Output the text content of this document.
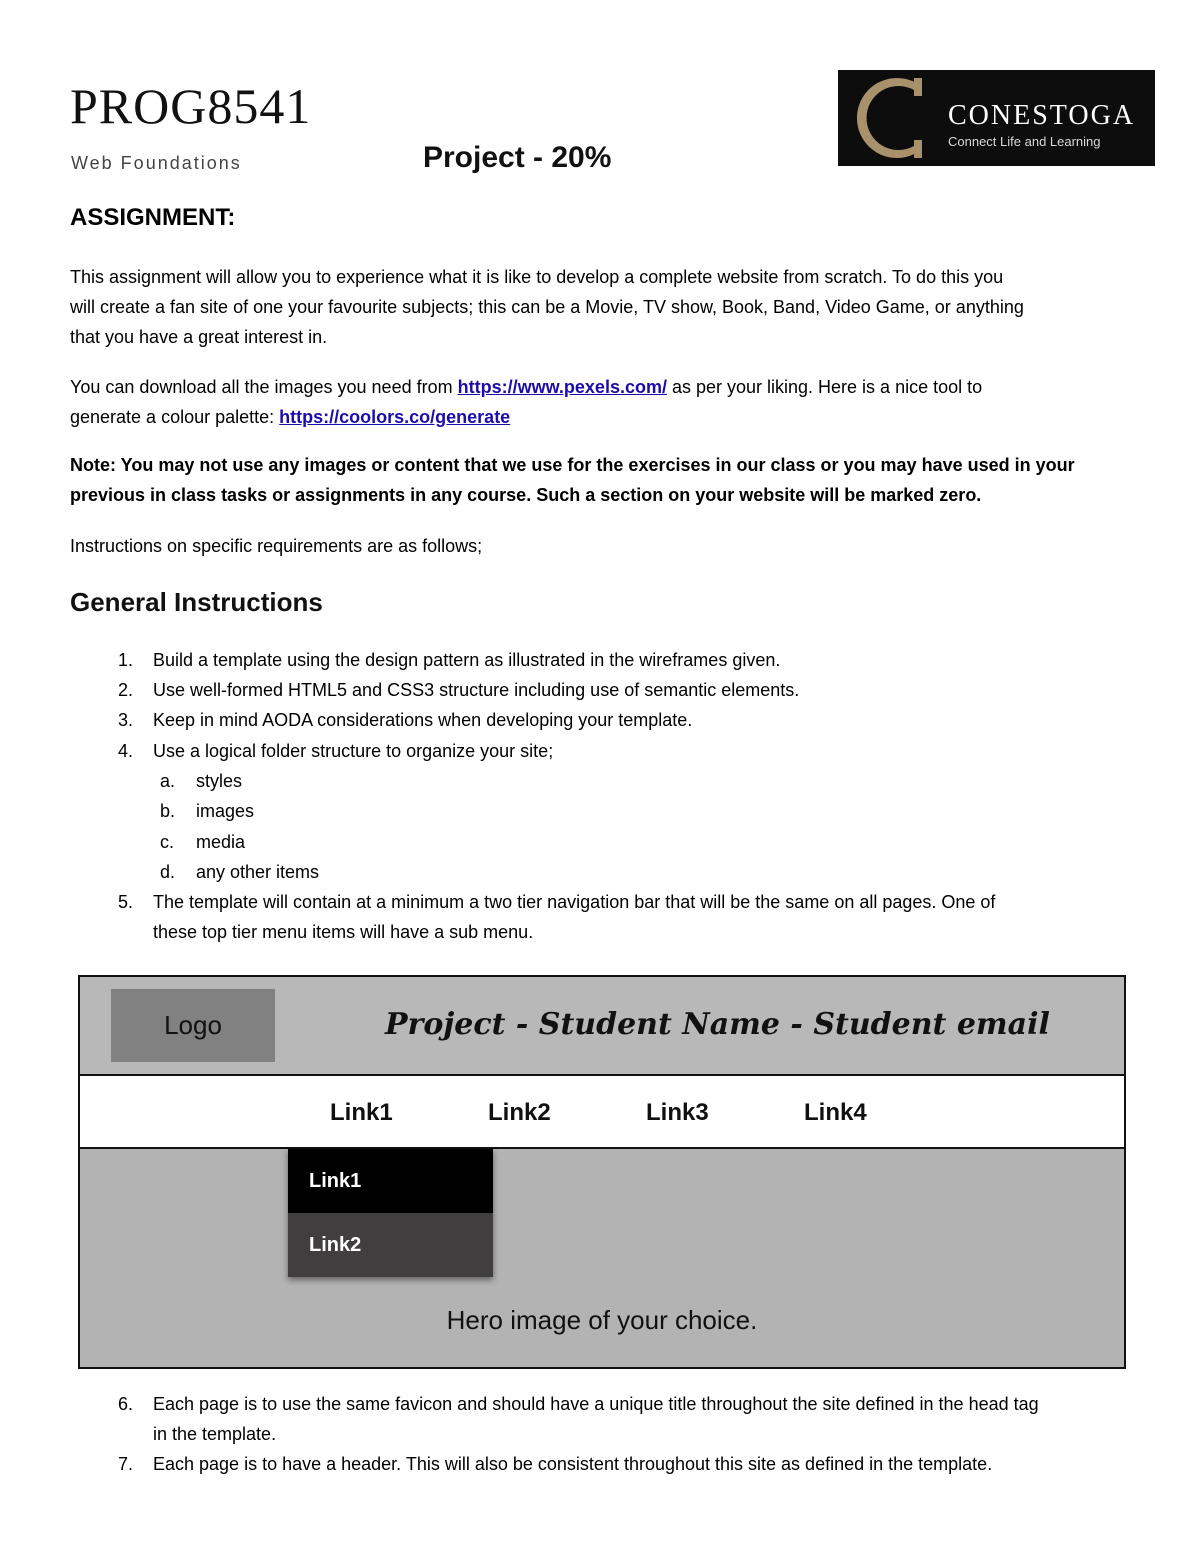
PROG8541
Web Foundations	Project - 20%
CONESTOGA
Connect Life and Learning
ASSIGNMENT:

This assignment will allow you to experience what it is like to develop a complete website from scratch. To do this you
will create a fan site of one your favourite subjects; this can be a Movie, TV show, Book, Band, Video Game, or anything
that you have a great interest in.

You can download all the images you need from https://www.pexels.com/ as per your liking. Here is a nice tool to
generate a colour palette: https://coolors.co/generate

Note: You may not use any images or content that we use for the exercises in our class or you may have used in your
previous in class tasks or assignments in any course. Such a section on your website will be marked zero.

Instructions on specific requirements are as follows;

General Instructions
1.	Build a template using the design pattern as illustrated in the wireframes given.
2.	Use well-formed HTML5 and CSS3 structure including use of semantic elements.
3.	Keep in mind AODA considerations when developing your template.
4.	Use a logical folder structure to organize your site;
a.	styles
b.	images
c.	media
d.	any other items
5.	The template will contain at a minimum a two tier navigation bar that will be the same on all pages. One of
these top tier menu items will have a sub menu.
Logo	Project - Student Name - Student email
Link1	Link2	Link3	Link4
Link1
Link2
Hero image of your choice.
6.	Each page is to use the same favicon and should have a unique title throughout the site defined in the head tag
in the template.
7.	Each page is to have a header. This will also be consistent throughout this site as defined in the template.
